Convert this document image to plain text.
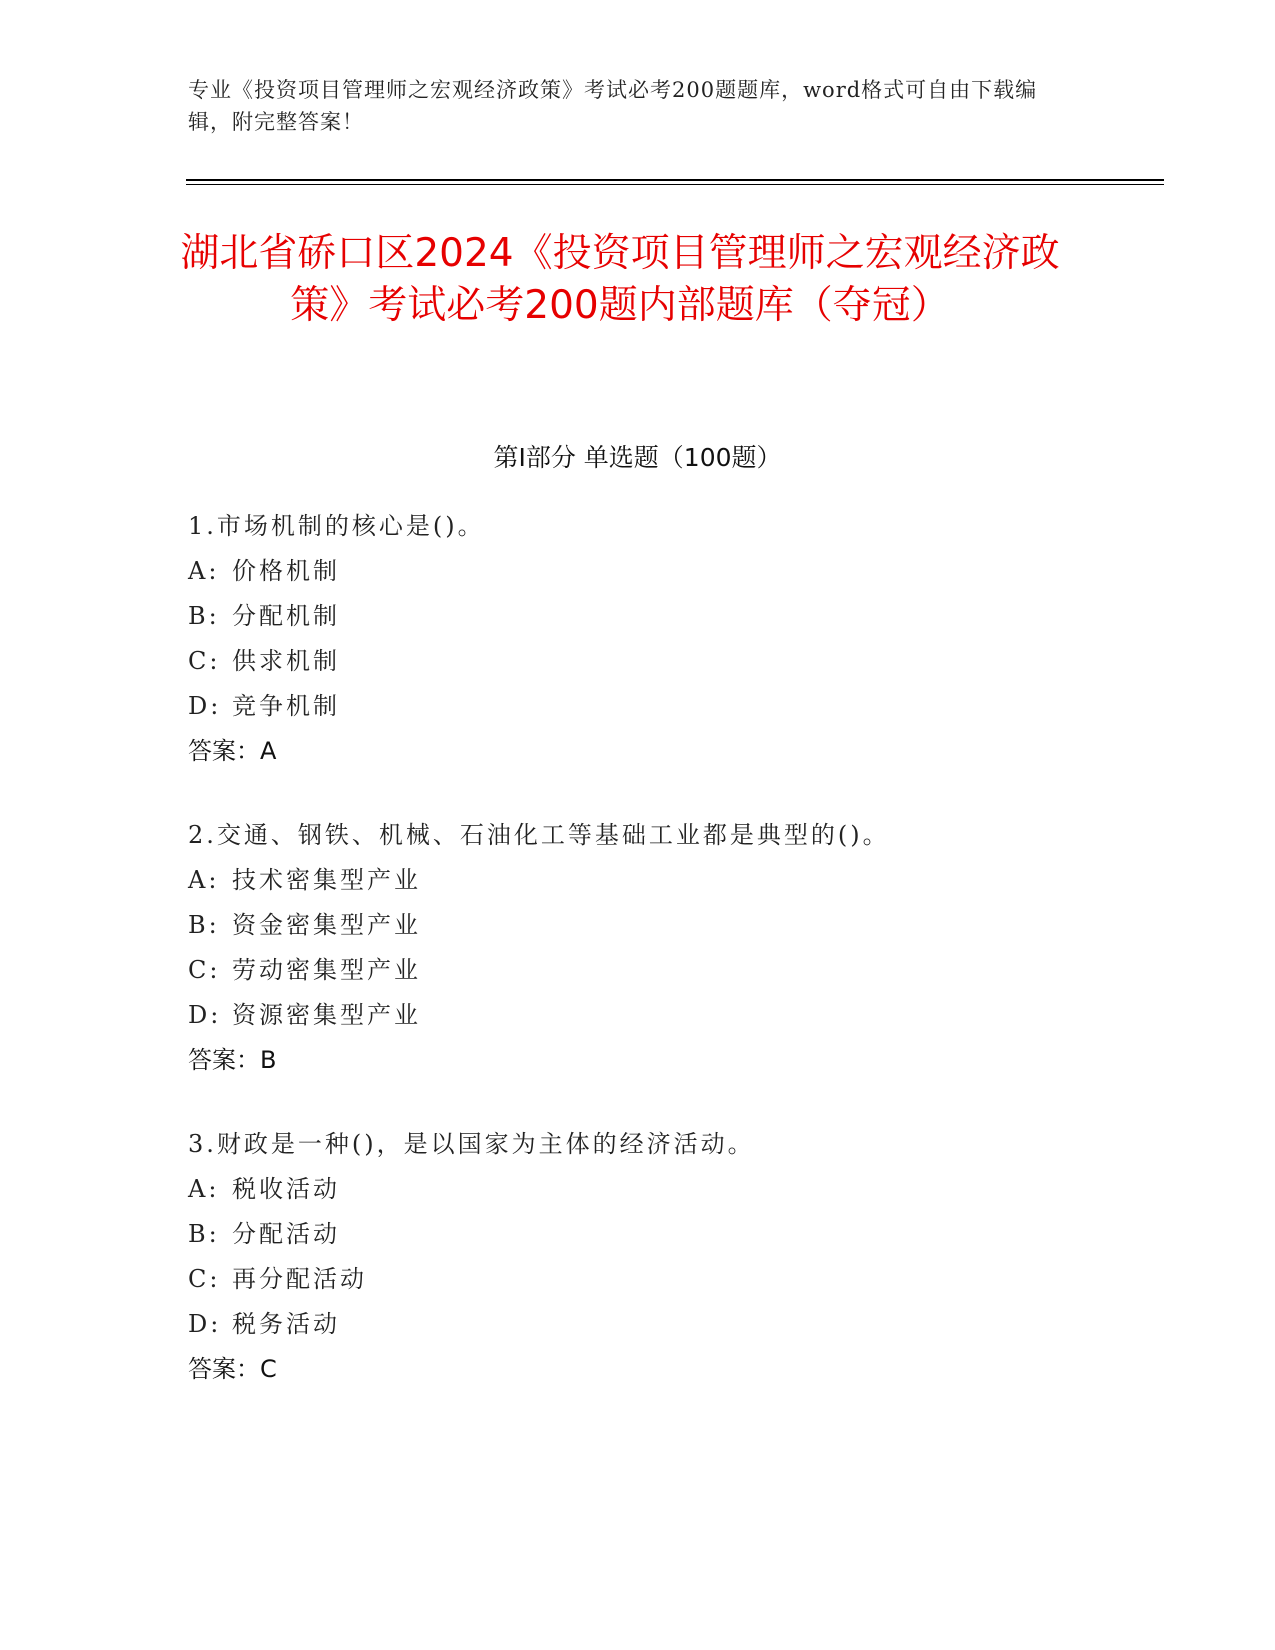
专业《投资项目管理师之宏观经济政策》考试必考200题题库，word格式可自由下载编辑，附完整答案！
湖北省硚口区2024《投资项目管理师之宏观经济政策》考试必考200题内部题库（夺冠）
第Ⅰ部分 单选题（100题）
1.市场机制的核心是()。
A: 价格机制
B: 分配机制
C: 供求机制
D: 竞争机制
答案：A
2.交通、钢铁、机械、石油化工等基础工业都是典型的()。
A: 技术密集型产业
B: 资金密集型产业
C: 劳动密集型产业
D: 资源密集型产业
答案：B
3.财政是一种()，是以国家为主体的经济活动。
A: 税收活动
B: 分配活动
C: 再分配活动
D: 税务活动
答案：C
